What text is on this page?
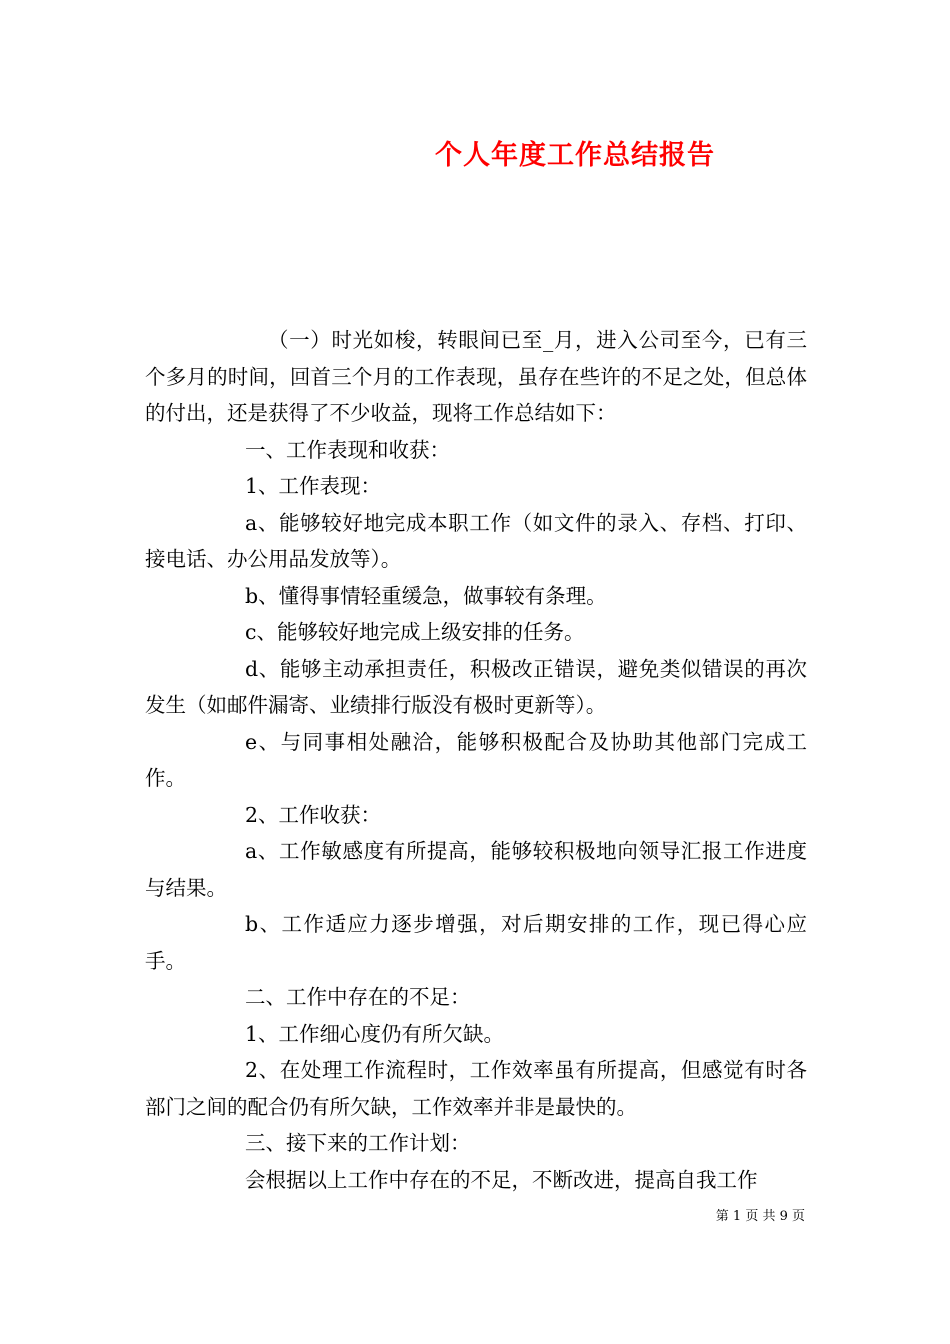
个人年度工作总结报告

（一）时光如梭，转眼间已至_月，进入公司至今，已有三个多月的时间，回首三个月的工作表现，虽存在些许的不足之处，但总体的付出，还是获得了不少收益，现将工作总结如下：

一、工作表现和收获：

1、工作表现：

a、能够较好地完成本职工作（如文件的录入、存档、打印、接电话、办公用品发放等）。

b、懂得事情轻重缓急，做事较有条理。

c、能够较好地完成上级安排的任务。

d、能够主动承担责任，积极改正错误，避免类似错误的再次发生（如邮件漏寄、业绩排行版没有极时更新等）。

e、与同事相处融洽，能够积极配合及协助其他部门完成工作。

2、工作收获：

a、工作敏感度有所提高，能够较积极地向领导汇报工作进度与结果。

b、工作适应力逐步增强，对后期安排的工作，现已得心应手。

二、工作中存在的不足：

1、工作细心度仍有所欠缺。

2、在处理工作流程时，工作效率虽有所提高，但感觉有时各部门之间的配合仍有所欠缺，工作效率并非是最快的。

三、接下来的工作计划：

会根据以上工作中存在的不足，不断改进，提高自我工作

第 1 页 共 9 页
